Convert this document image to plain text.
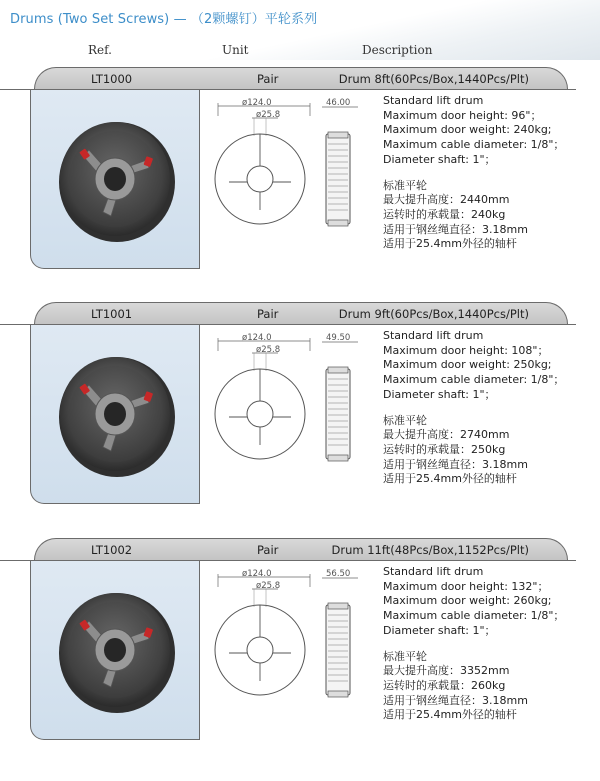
Drums (Two Set Screws) — （2颗螺钉）平轮系列
Ref.	Unit	Description
LT1000	Pair	Drum 8ft(60Pcs/Box,1440Pcs/Plt)
ø124.0
ø25.8
46.00	Standard lift drum
Maximum door height: 96"；
Maximum door weight: 240kg;
Maximum cable diameter: 1/8"；
Diameter shaft: 1"；
标准平轮
最大提升高度：2440mm
运转时的承载量：240kg
适用于钢丝绳直径：3.18mm
适用于25.4mm外径的轴杆
LT1001	Pair	Drum 9ft(60Pcs/Box,1440Pcs/Plt)
ø124.0
ø25.8
49.50	Standard lift drum
Maximum door height: 108"；
Maximum door weight: 250kg;
Maximum cable diameter: 1/8"；
Diameter shaft: 1"；
标准平轮
最大提升高度：2740mm
运转时的承载量：250kg
适用于钢丝绳直径：3.18mm
适用于25.4mm外径的轴杆
LT1002	Pair	Drum 11ft(48Pcs/Box,1152Pcs/Plt)
ø124.0
ø25.8
56.50	Standard lift drum
Maximum door height: 132"；
Maximum door weight: 260kg;
Maximum cable diameter: 1/8"；
Diameter shaft: 1"；
标准平轮
最大提升高度：3352mm
运转时的承载量：260kg
适用于钢丝绳直径：3.18mm
适用于25.4mm外径的轴杆
